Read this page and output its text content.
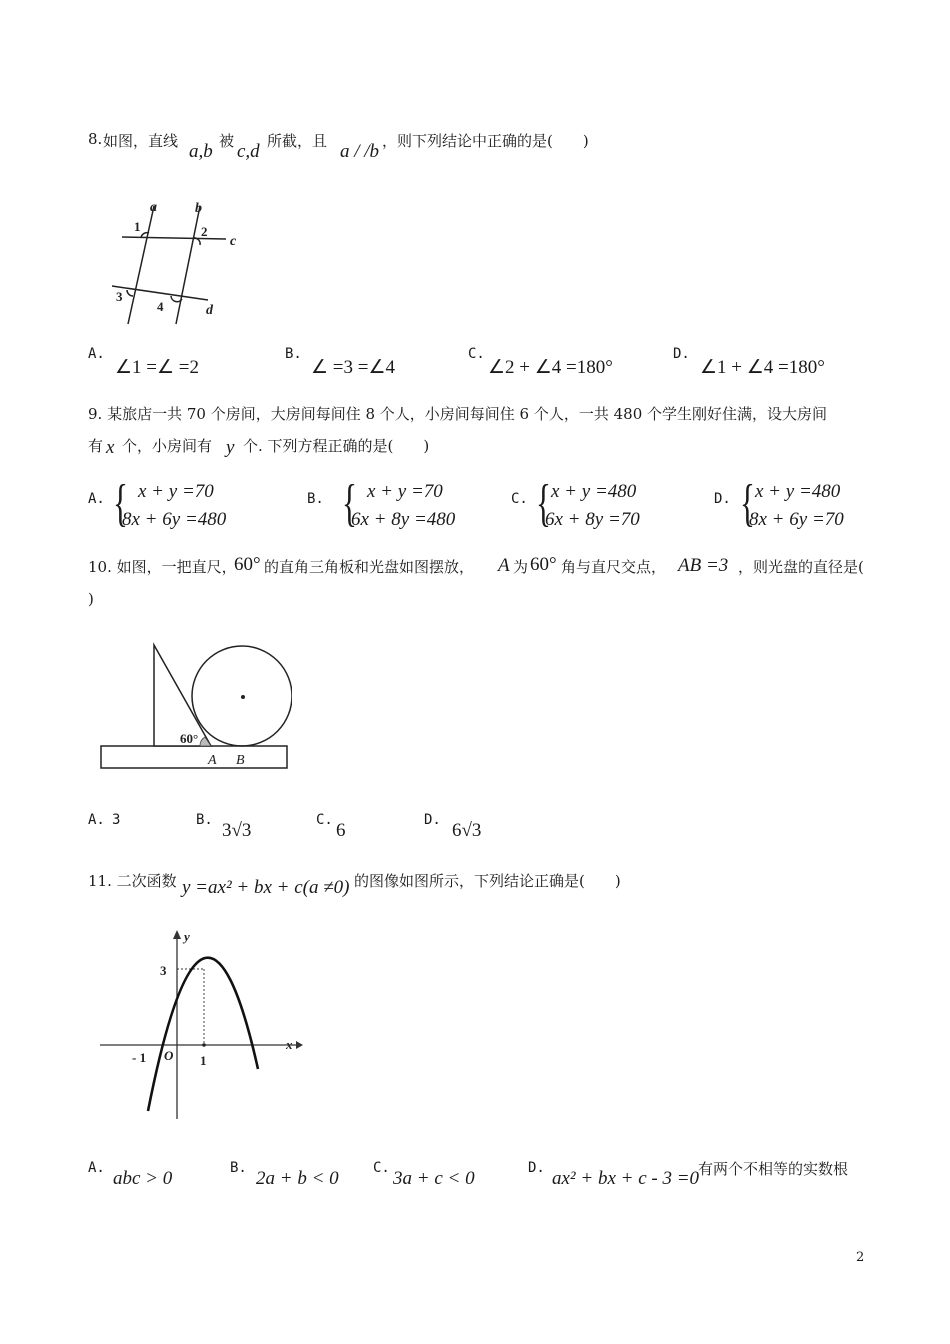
8. 如图，直线 a,b 被 c,d 所截，且 a / /b ，则下列结论中正确的是(　　)
a	b
c
d
1	2
3
4
A.
∠1 =∠ =2
B.
∠ =3 =∠4
C.
∠2 + ∠4 =180°
D.
∠1 + ∠4 =180°
9. 某旅店一共 70 个房间，大房间每间住 8 个人，小房间每间住 6 个人，一共 480 个学生刚好住满，设大房间
有 x 个，小房间有 y 个. 下列方程正确的是(　　)
A. { x + y =70
8x + 6y =480
B. { x + y =70
6x + 8y =480
C. { x + y =480
6x + 8y =70
D. { x + y =480
8x + 6y =70
10. 如图，一把直尺，
60° 的直角三角板和光盘如图摆放， A 为 60° 角与直尺交点， AB =3 ，则光盘的直径是(
)
60°
A B
A. 3	B. 3√3	C. 6	D. 6√3
11. 二次函数 y =ax² + bx + c(a ≠0) 的图像如图所示，下列结论正确是(　　)
y
x
3
- 1 O 1
A. abc > 0	B. 2a + b < 0 C. 3a + c < 0	D. ax² + bx + c - 3 =0
有两个不相等的实数根
2
